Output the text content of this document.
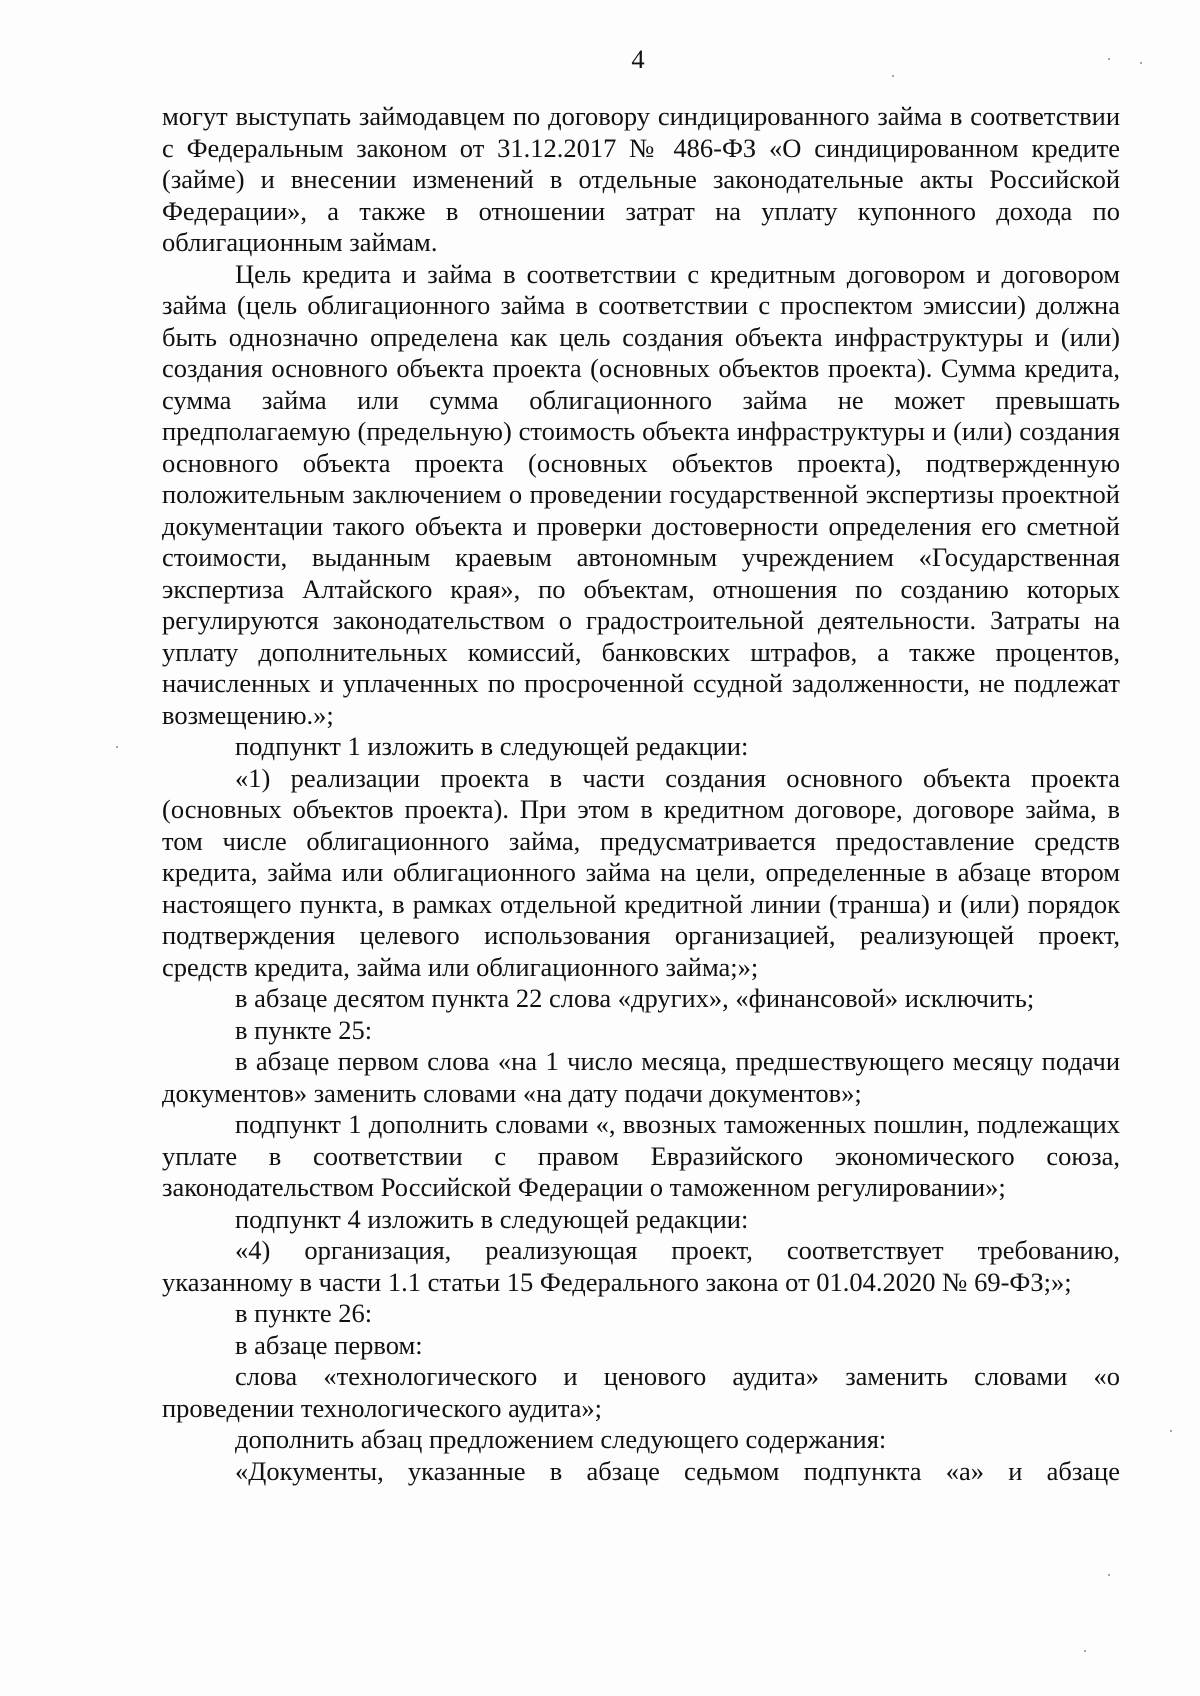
4

могут выступать займодавцем по договору синдицированного займа в соответствии с Федеральным законом от 31.12.2017 № 486-ФЗ «О синдицированном кредите (займе) и внесении изменений в отдельные законодательные акты Российской Федерации», а также в отношении затрат на уплату купонного дохода по облигационным займам.

Цель кредита и займа в соответствии с кредитным договором и договором займа (цель облигационного займа в соответствии с проспектом эмиссии) должна быть однозначно определена как цель создания объекта инфраструктуры и (или) создания основного объекта проекта (основных объектов проекта). Сумма кредита, сумма займа или сумма облигационного займа не может превышать предполагаемую (предельную) стоимость объекта инфраструктуры и (или) создания основного объекта проекта (основных объектов проекта), подтвержденную положительным заключением о проведении государственной экспертизы проектной документации такого объекта и проверки достоверности определения его сметной стоимости, выданным краевым автономным учреждением «Государственная экспертиза Алтайского края», по объектам, отношения по созданию которых регулируются законодательством о градостроительной деятельности. Затраты на уплату дополнительных комиссий, банковских штрафов, а также процентов, начисленных и уплаченных по просроченной ссудной задолженности, не подлежат возмещению.»;

подпункт 1 изложить в следующей редакции:

«1) реализации проекта в части создания основного объекта проекта (основных объектов проекта). При этом в кредитном договоре, договоре займа, в том числе облигационного займа, предусматривается предоставление средств кредита, займа или облигационного займа на цели, определенные в абзаце втором настоящего пункта, в рамках отдельной кредитной линии (транша) и (или) порядок подтверждения целевого использования организацией, реализующей проект, средств кредита, займа или облигационного займа;»;

в абзаце десятом пункта 22 слова «других», «финансовой» исключить;

в пункте 25:

в абзаце первом слова «на 1 число месяца, предшествующего месяцу подачи документов» заменить словами «на дату подачи документов»;

подпункт 1 дополнить словами «, ввозных таможенных пошлин, подлежащих уплате в соответствии с правом Евразийского экономического союза, законодательством Российской Федерации о таможенном регулировании»;

подпункт 4 изложить в следующей редакции:

«4) организация, реализующая проект, соответствует требованию, указанному в части 1.1 статьи 15 Федерального закона от 01.04.2020 № 69-ФЗ;»;

в пункте 26:

в абзаце первом:

слова «технологического и ценового аудита» заменить словами «о проведении технологического аудита»;

дополнить абзац предложением следующего содержания:

«Документы, указанные в абзаце седьмом подпункта «а» и абзаце
